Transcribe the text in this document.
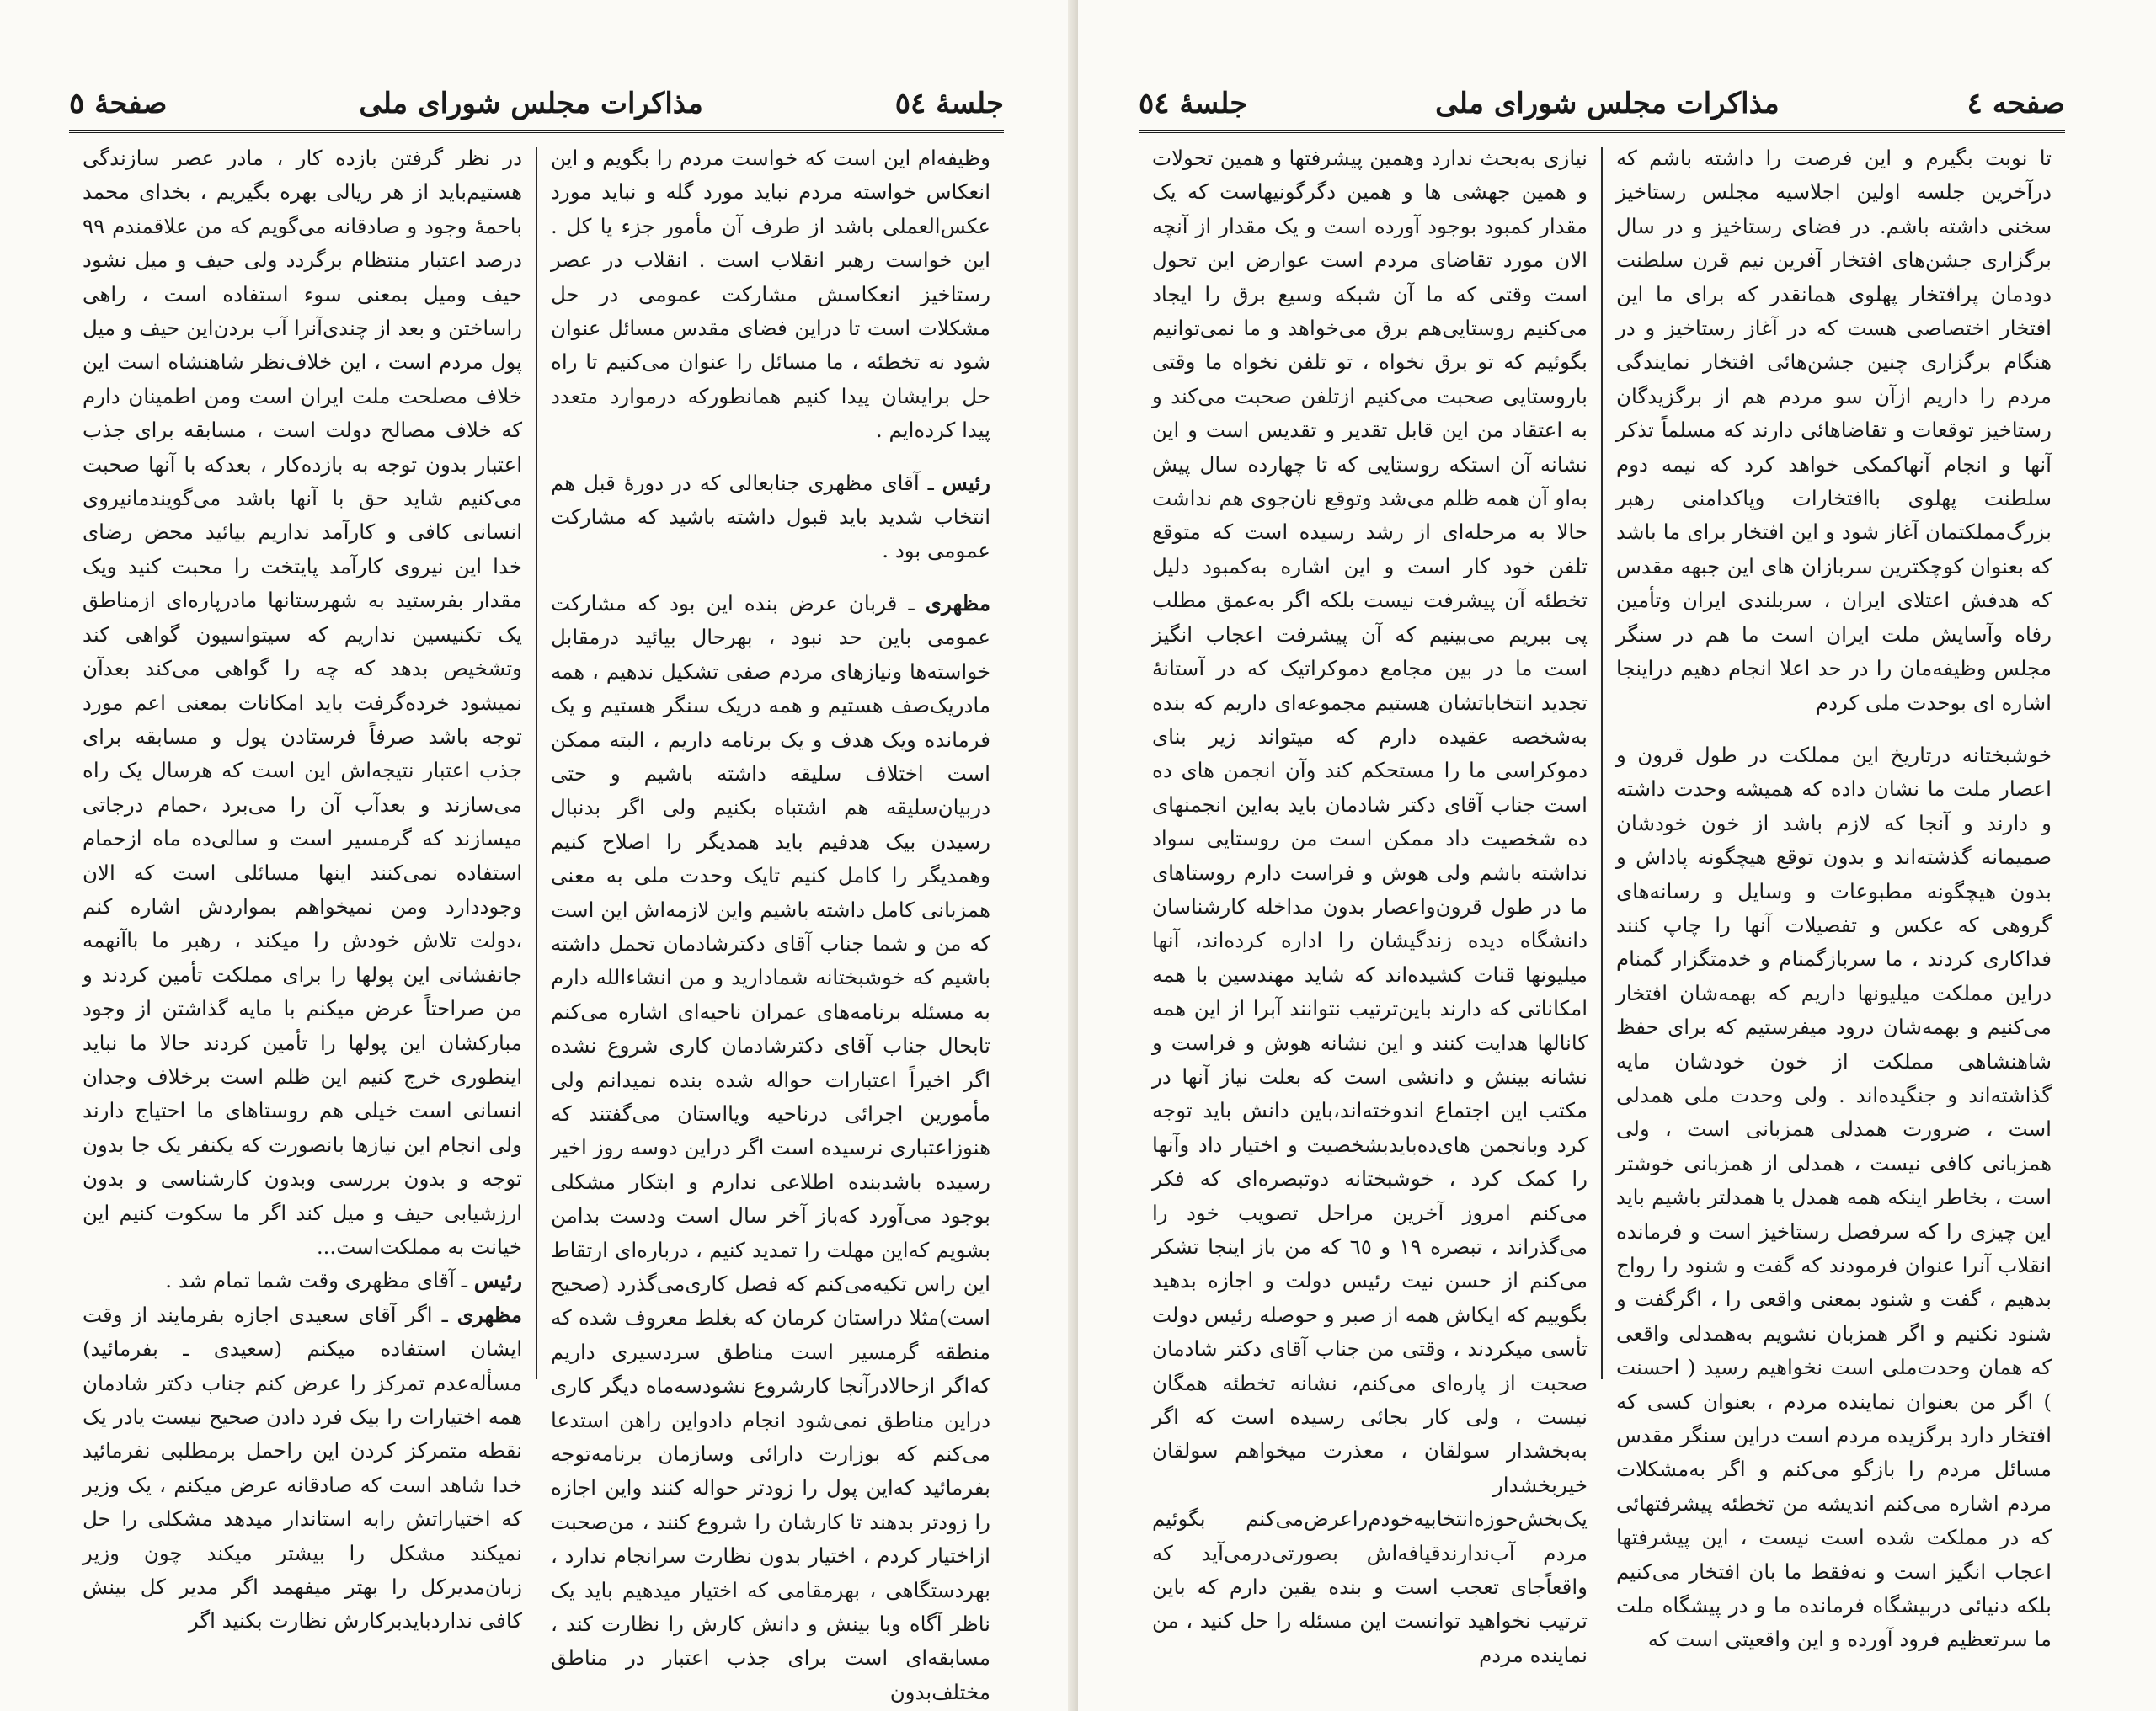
جلسهٔ ٥٤
مذاکرات مجلس شورای ملی
صفحهٔ ٥

وظیفه‌ام این است که خواست مردم را بگویم و این انعکاس خواسته مردم نباید مورد گله و نباید مورد عکس‌العملی باشد از طرف آن مأمور جزء یا کل . این خواست رهبر انقلاب است . انقلاب در عصر رستاخیز انعکاسش مشارکت عمومی در حل مشکلات است تا دراین فضای مقدس مسائل عنوان شود نه تخطئه ، ما مسائل را عنوان می‌کنیم تا راه حل برایشان پیدا کنیم همانطورکه درموارد متعدد پیدا کرده‌ایم .

رئیس ـ آقای مظهری جنابعالی که در دورهٔ قبل هم انتخاب شدید باید قبول داشته باشید که مشارکت عمومی بود .

مظهری ـ قربان عرض بنده این بود که مشارکت عمومی باین حد نبود ، بهرحال بیائید درمقابل خواسته‌ها ونیازهای مردم صفی تشکیل ندهیم ، همه مادریک‌صف هستیم و همه دریک سنگر هستیم و یک فرمانده ویک هدف و یک برنامه داریم ، البته ممکن است اختلاف سلیقه داشته باشیم و حتی دربیان‌سلیقه هم اشتباه بکنیم ولی اگر بدنبال رسیدن بیک هدفیم باید همدیگر را اصلاح کنیم وهمدیگر را کامل کنیم تایک وحدت ملی به معنی همزبانی کامل داشته باشیم واین لازمه‌اش این است که من و شما جناب آقای دکترشادمان تحمل داشته باشیم که خوشبختانه شمادارید و من انشاءالله دارم به مسئله برنامه‌های عمران ناحیه‌ای اشاره می‌کنم تابحال جناب آقای دکترشادمان کاری شروع نشده اگر اخیراً اعتبارات حواله شده بنده نمیدانم ولی مأمورین اجرائی درناحیه ویااستان می‌گفتند که هنوزاعتباری نرسیده است اگر دراین دوسه روز اخیر رسیده باشدبنده اطلاعی ندارم و ابتکار مشکلی بوجود می‌آورد که‌باز آخر سال است ودست بدامن بشویم که‌این مهلت را تمدید کنیم ، درباره‌ای ارتقاط این راس تکیه‌می‌کنم که فصل کاری‌می‌گذرد (صحیح است)مثلا دراستان کرمان که بغلط معروف شده که منطقه گرمسیر است مناطق سردسیری داریم که‌اگر ازحالادرآنجا کارشروع نشودسه‌ماه دیگر کاری دراین مناطق نمی‌شود انجام داد‌واین راهن استدعا می‌کنم که بوزارت دارائی وسازمان برنامه‌توجه بفرمائید که‌این پول را زودتر حواله کنند واین اجازه را زودتر بدهند تا کارشان را شروع کنند ، من‌صحبت ازاختیار کردم ، اختیار بدون نظارت سرانجام ندارد ، بهردستگاهی ، بهرمقامی که اختیار میدهیم باید یک ناظر آگاه وبا بینش و دانش کارش را نظارت کند ، مسابقه‌ای است برای جذب اعتبار در مناطق مختلف‌بدون

در نظر گرفتن بازده کار ، مادر عصر سازندگی هستیم‌باید از هر ریالی بهره بگیریم ، بخدای محمد باحمهٔ وجود و صادقانه می‌گویم که من علاقمندم ٩٩ درصد اعتبار منتظام برگردد ولی حیف و میل نشود حیف ومیل بمعنی سوء استفاده است ، راهی راساختن و بعد از چندی‌آنرا آب بردن‌این حیف و میل پول مردم است ، این خلاف‌نظر شاهنشاه است این خلاف مصلحت ملت ایران است ومن اطمینان دارم که خلاف مصالح دولت است ، مسابقه برای جذب اعتبار بدون توجه به بازده‌کار ، بعدکه با آنها صحبت می‌کنیم شاید حق با آنها باشد می‌گویندمانیروی انسانی کافی و کارآمد نداریم بیائید محض رضای خدا این نیروی کارآمد پایتخت را محبت کنید ویک مقدار بفرستید به شهرستانها مادرپاره‌ای ازمناطق یک تکنیسین نداریم که سیتواسیون گواهی کند وتشخیص بدهد که چه را گواهی می‌کند بعدآن نمیشود خرده‌گرفت باید امکانات بمعنی اعم مورد توجه باشد صرفاً فرستادن پول و مسابقه برای جذب اعتبار نتیجه‌اش این است که هرسال یک راه می‌سازند و بعدآب آن را می‌برد ،حمام درجاتی میسازند که گرمسیر است و سالی‌ده ماه ازحمام استفاده نمی‌کنند اینها مسائلی است که الان وجوددارد ومن نمیخواهم بمواردش اشاره کنم ،دولت تلاش خودش را میکند ، رهبر ما باآنهمه جانفشانی این پولها را برای مملکت تأمین کردند و من صراحتاً عرض میکنم با مایه گذاشتن از وجود مبارکشان این پولها را تأمین کردند حالا ما نباید اینطوری خرج کنیم این ظلم است برخلاف وجدان انسانی است خیلی هم روستاهای ما احتیاج دارند ولی انجام این نیازها بانصورت که یکنفر یک جا بدون توجه و بدون بررسی وبدون کارشناسی و بدون ارزشیابی حیف و میل کند اگر ما سکوت کنیم این خیانت به مملکت‌است...

رئیس ـ آقای مظهری وقت شما تمام شد .

مظهری ـ اگر آقای سعیدی اجازه بفرمایند از وقت ایشان استفاده میکنم (سعیدی ـ بفرمائید) مسأله‌عدم تمرکز را عرض کنم جناب دکتر شادمان همه اختیارات را بیک فرد دادن صحیح نیست یادر یک نقطه متمرکز کردن این راحمل برمطلبی نفرمائید خدا شاهد است که صادقانه عرض میکنم ، یک وزیر که اختیاراتش رابه استاندار میدهد مشکلی را حل نمیکند مشکل را بیشتر میکند چون وزیر زبان‌مدیرکل را بهتر میفهمد اگر مدیر کل بینش کافی نداردبایدبرکارش نظارت بکنید اگر

صفحه ٤
مذاکرات مجلس شورای ملی
جلسهٔ ٥٤

تا نوبت بگیرم و این فرصت را داشته باشم که درآخرین جلسه اولین اجلاسیه مجلس رستاخیز سخنی داشته باشم. در فضای رستاخیز و در سال برگزاری جشن‌های افتخار آفرین نیم قرن سلطنت دودمان پرافتخار پهلوی همانقدر که برای ما این افتخار اختصاصی هست که در آغاز رستاخیز و در هنگام برگزاری چنین جشن‌هائی افتخار نمایندگی مردم را داریم ازآن سو مردم هم از برگزیدگان رستاخیز توقعات و تقاضاهائی دارند که مسلماً تذکر آنها و انجام آنهاکمکی خواهد کرد که نیمه دوم سلطنت پهلوی باافتخارات وپاکدامنی رهبر بزرگ‌مملکتمان آغاز شود و این افتخار برای ما باشد که بعنوان کوچکترین سربازان های این جبهه مقدس که هدفش اعتلای ایران ، سربلندی ایران وتأمین رفاه وآسایش ملت ایران است ما هم در سنگر مجلس وظیفه‌مان را در حد اعلا انجام دهیم دراینجا اشاره ای بوحدت ملی کردم

خوشبختانه درتاریخ این مملکت در طول قرون و اعصار ملت ما نشان داده که همیشه وحدت داشته و دارند و آنجا که لازم باشد از خون خودشان صمیمانه گذشته‌اند و بدون توقع هیچگونه پاداش و بدون هیچگونه مطبوعات و وسایل و رسانه‌های گروهی که عکس و تفصیلات آنها را چاپ کنند فداکاری کردند ، ما سربازگمنام و خدمتگزار گمنام دراین مملکت میلیونها داریم که بهمه‌شان افتخار می‌کنیم و بهمه‌شان درود میفرستیم که برای حفظ شاهنشاهی مملکت از خون خودشان مایه گذاشته‌اند و جنگیده‌اند . ولی وحدت ملی همدلی است ، ضرورت همدلی همزبانی است ، ولی همزبانی کافی نیست ، همدلی از همزبانی خوشتر است ، بخاطر اینکه همه همدل یا همدلتر باشیم باید این چیزی را که سرفصل رستاخیز است و فرمانده انقلاب آنرا عنوان فرمودند که گفت و شنود را رواج بدهیم ، گفت و شنود بمعنی واقعی را ، اگرگفت و شنود نکنیم و اگر همزبان نشویم به‌همدلی واقعی که همان وحدت‌ملی است نخواهیم رسید ( احسنت ) اگر من بعنوان نماینده مردم ، بعنوان کسی که افتخار دارد برگزیده مردم است دراین سنگر مقدس مسائل مردم را بازگو می‌کنم و اگر به‌مشکلات مردم اشاره می‌کنم اندیشه من تخطئه پیشرفتهائی که در مملکت شده است نیست ، این پیشرفتها اعجاب انگیز است و نه‌فقط ما بان افتخار می‌کنیم بلکه دنیائی دربیشگاه فرمانده ما و در پیشگاه ملت ما سرتعظیم فرود آورده و این واقعیتی است که

نیازی به‌بحث ندارد وهمین پیشرفتها و همین تحولات و همین جهشی ها و همین دگرگونیهاست که یک مقدار کمبود بوجود آورده است و یک مقدار از آنچه الان مورد تقاضای مردم است عوارض این تحول است وقتی که ما آن شبکه وسیع برق را ایجاد می‌کنیم روستایی‌هم برق می‌خواهد و ما نمی‌توانیم بگوئیم که تو برق نخواه ، تو تلفن نخواه ما وقتی باروستایی صحبت می‌کنیم ازتلفن صحبت می‌کند و به اعتقاد من این قابل تقدیر و تقدیس است و این نشانه آن استکه روستایی که تا چهارده سال پیش به‌او آن همه ظلم می‌شد وتوقع نان‌جوی هم نداشت حالا به مرحله‌ای از رشد رسیده است که متوقع تلفن خود کار است و این اشاره به‌کمبود دلیل تخطئه آن پیشرفت نیست بلکه اگر به‌عمق مطلب پی ببریم می‌بینیم که آن پیشرفت اعجاب انگیز است ما در بین مجامع دموکراتیک که در آستانهٔ تجدید انتخاباتشان هستیم مجموعه‌ای داریم که بنده به‌شخصه عقیده دارم که میتواند زیر بنای دموکراسی ما را مستحکم کند وآن انجمن های ده است جناب آقای دکتر شادمان باید به‌این انجمنهای ده شخصیت داد ممکن است من روستایی سواد نداشته باشم ولی هوش و فراست دارم روستاهای ما در طول قرون‌واعصار بدون مداخله کارشناسان دانشگاه دیده زندگیشان را اداره کرده‌اند، آنها میلیونها قنات کشیده‌اند که شاید مهندسین با همه امکاناتی که دارند باین‌ترتیب نتوانند آبرا از این همه کانالها هدایت کنند و این نشانه هوش و فراست و نشانه بینش و دانشی است که بعلت نیاز آنها در مکتب این اجتماع اندوخته‌اند،باین دانش باید توجه کرد وبانجمن های‌ده‌باید‌بشخصیت و اختیار داد وآنها را کمک کرد ، خوشبختانه دوتبصره‌ای که فکر می‌کنم امروز آخرین مراحل تصویب خود را می‌گذراند ، تبصره ١٩ و ٦٥ که من باز اینجا تشکر می‌کنم از حسن نیت رئیس دولت و اجازه بدهید بگوییم که ایکاش همه از صبر و حوصله رئیس دولت تأسی میکردند ، وقتی من جناب آقای دکتر شادمان صحبت از پاره‌ای می‌کنم، نشانه تخطئه همگان نیست ، ولی کار بجائی رسیده است که اگر به‌بخشدار سولقان ، معذرت میخواهم سولقان خیربخشدار یک‌بخش‌حوزه‌انتخابیه‌خودم‌را‌عرض‌می‌کنم بگوئیم مردم آب‌ندارند‌قیافه‌اش بصورتی‌درمی‌آید که واقعاًجای تعجب است و بنده یقین دارم که باین ترتیب نخواهید توانست این مسئله را حل کنید ، من نماینده مردم
